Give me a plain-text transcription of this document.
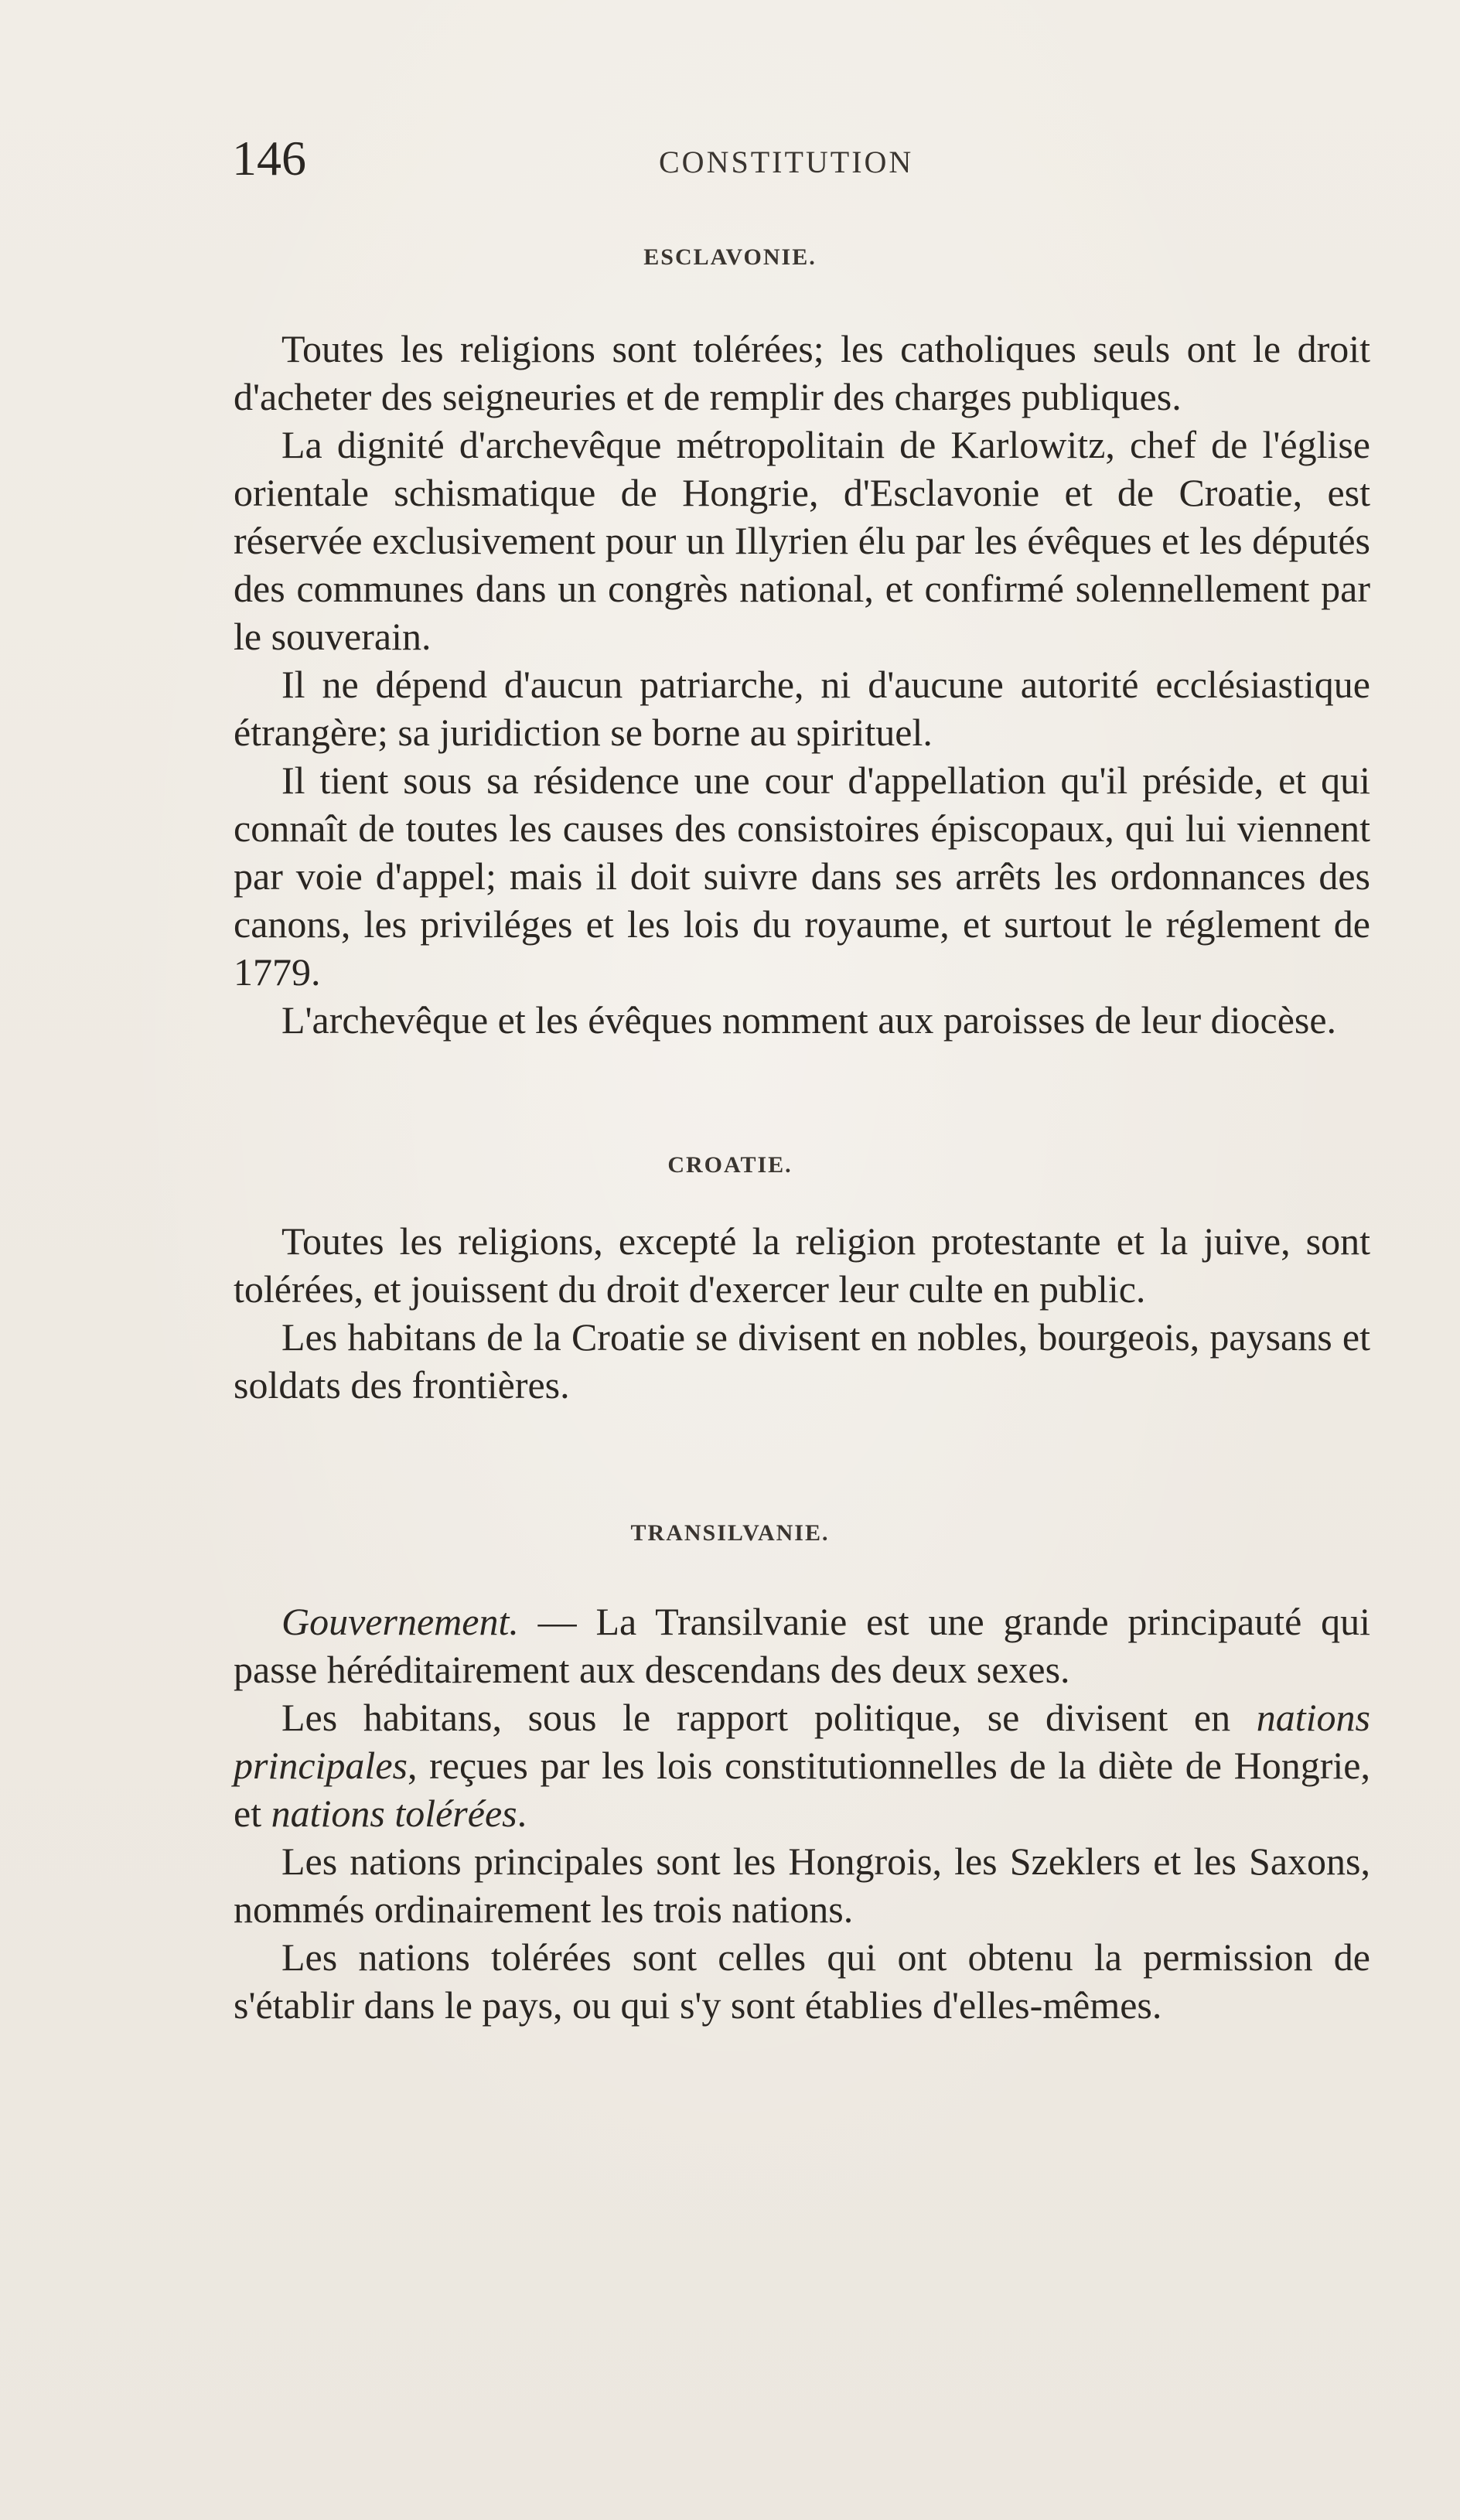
146	CONSTITUTION
ESCLAVONIE.

Toutes les religions sont tolérées; les catholiques seuls ont le droit d'acheter des seigneuries et de remplir des charges publiques.

La dignité d'archevêque métropolitain de Karlowitz, chef de l'église orientale schismatique de Hongrie, d'Esclavonie et de Croatie, est réservée exclusivement pour un Illyrien élu par les évêques et les députés des communes dans un congrès national, et confirmé solennellement par le souverain.

Il ne dépend d'aucun patriarche, ni d'aucune autorité ecclésiastique étrangère; sa juridiction se borne au spirituel.

Il tient sous sa résidence une cour d'appellation qu'il préside, et qui connaît de toutes les causes des consistoires épiscopaux, qui lui viennent par voie d'appel; mais il doit suivre dans ses arrêts les ordonnances des canons, les priviléges et les lois du royaume, et surtout le réglement de 1779.

L'archevêque et les évêques nomment aux paroisses de leur diocèse.

CROATIE.

Toutes les religions, excepté la religion protestante et la juive, sont tolérées, et jouissent du droit d'exercer leur culte en public.

Les habitans de la Croatie se divisent en nobles, bourgeois, paysans et soldats des frontières.

TRANSILVANIE.

Gouvernement. — La Transilvanie est une grande principauté qui passe héréditairement aux descendans des deux sexes.

Les habitans, sous le rapport politique, se divisent en nations principales, reçues par les lois constitutionnelles de la diète de Hongrie, et nations tolérées.

Les nations principales sont les Hongrois, les Szeklers et les Saxons, nommés ordinairement les trois nations.

Les nations tolérées sont celles qui ont obtenu la permission de s'établir dans le pays, ou qui s'y sont établies d'elles-mêmes.
